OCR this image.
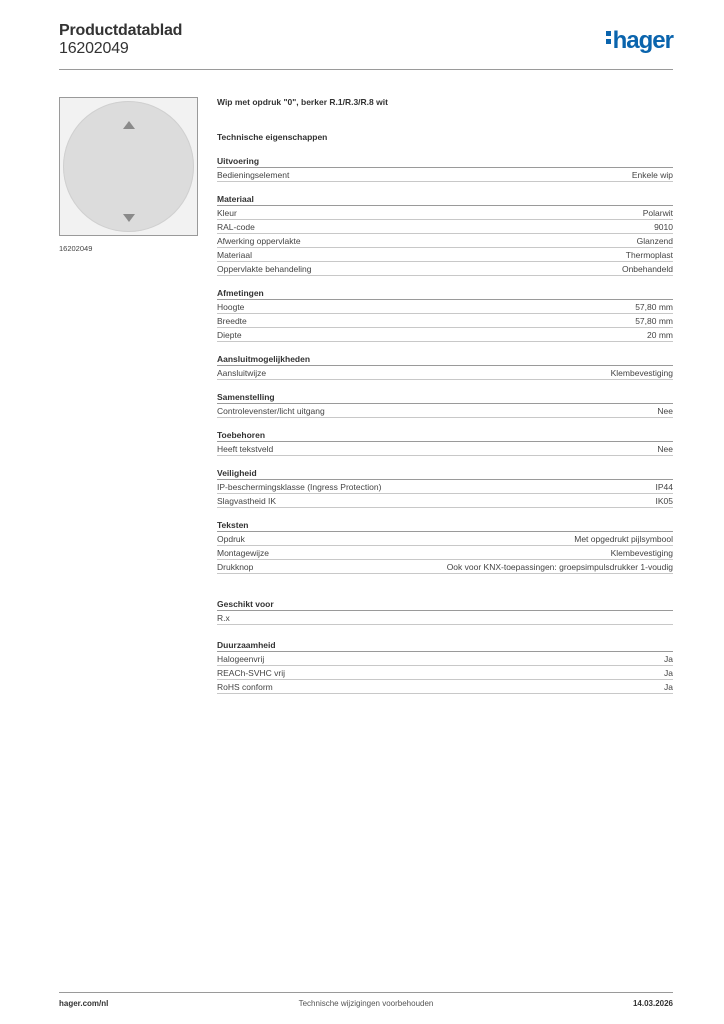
Productdatablad
16202049	hager
16202049
Wip met opdruk "0", berker R.1/R.3/R.8 wit
Technische eigenschappen
Uitvoering
Bedieningselement	Enkele wip
Materiaal
Kleur	Polarwit
RAL-code	9010
Afwerking oppervlakte	Glanzend
Materiaal	Thermoplast
Oppervlakte behandeling	Onbehandeld
Afmetingen
Hoogte	57,80 mm
Breedte	57,80 mm
Diepte	20 mm
Aansluitmogelijkheden
Aansluitwijze	Klembevestiging
Samenstelling
Controlevenster/licht uitgang	Nee
Toebehoren
Heeft tekstveld	Nee
Veiligheid
IP-beschermingsklasse (Ingress Protection)	IP44
Slagvastheid IK	IK05
Teksten
Opdruk	Met opgedrukt pijlsymbool
Montagewijze	Klembevestiging
Drukknop	Ook voor KNX-toepassingen: groepsimpulsdrukker 1-voudig
Geschikt voor
R.x
Duurzaamheid
Halogeenvrij	Ja
REACh-SVHC vrij	Ja
RoHS conform	Ja
hager.com/nl	Technische wijzigingen voorbehouden	14.03.2026
